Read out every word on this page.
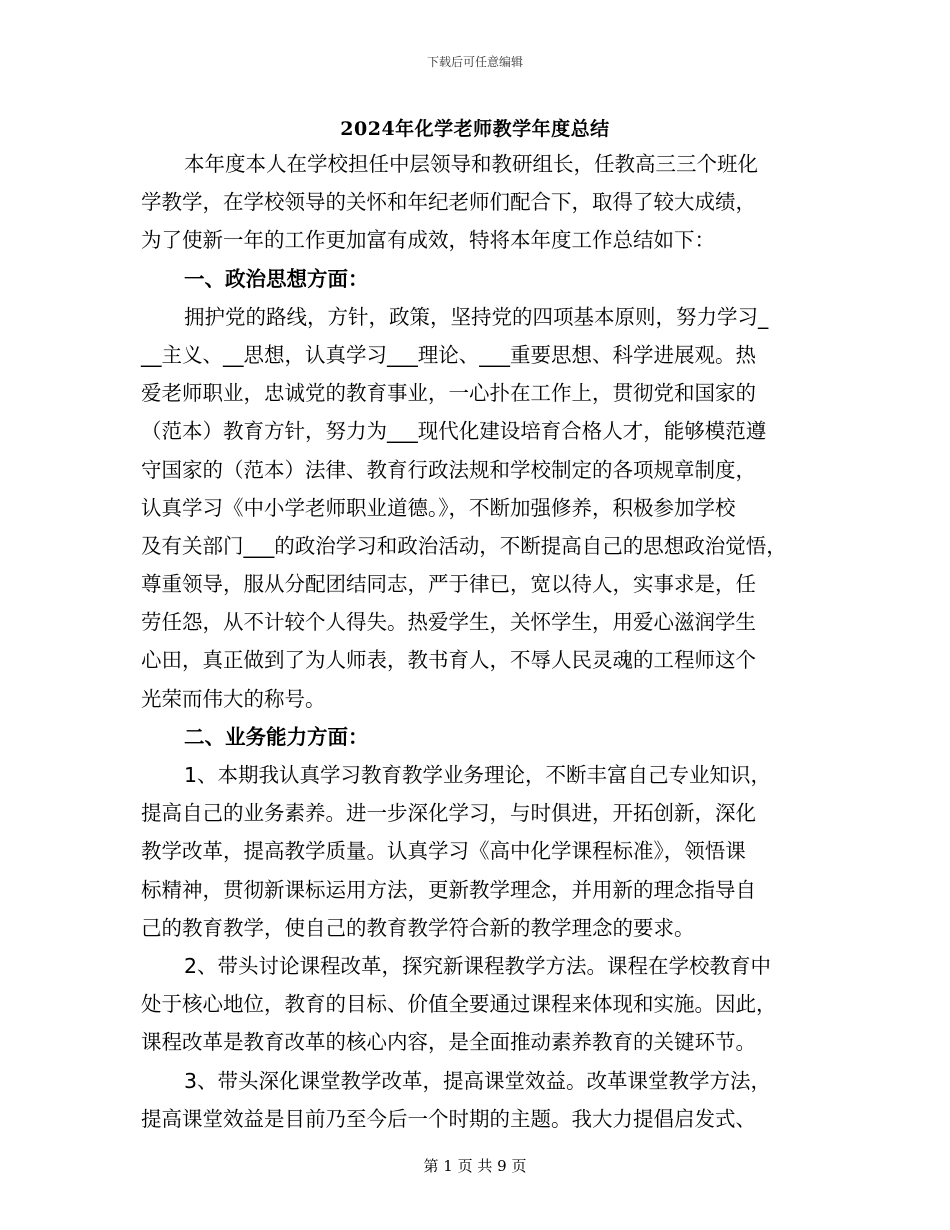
下载后可任意编辑
2024年化学老师教学年度总结
本年度本人在学校担任中层领导和教研组长，任教高三三个班化
学教学，在学校领导的关怀和年纪老师们配合下，取得了较大成绩，
为了使新一年的工作更加富有成效，特将本年度工作总结如下：
一、政治思想方面：
拥护党的路线，方针，政策，坚持党的四项基本原则，努力学习_
__主义、__思想，认真学习___理论、___重要思想、科学进展观。热
爱老师职业，忠诚党的教育事业，一心扑在工作上，贯彻党和国家的
（范本）教育方针，努力为___现代化建设培育合格人才，能够模范遵
守国家的（范本）法律、教育行政法规和学校制定的各项规章制度，
认真学习《中小学老师职业道德。》，不断加强修养，积极参加学校
及有关部门___的政治学习和政治活动，不断提高自己的思想政治觉悟，
尊重领导，服从分配团结同志，严于律已，宽以待人，实事求是，任
劳任怨，从不计较个人得失。热爱学生，关怀学生，用爱心滋润学生
心田，真正做到了为人师表，教书育人，不辱人民灵魂的工程师这个
光荣而伟大的称号。
二、业务能力方面：
1、本期我认真学习教育教学业务理论，不断丰富自己专业知识，
提高自己的业务素养。进一步深化学习，与时俱进，开拓创新，深化
教学改革，提高教学质量。认真学习《高中化学课程标准》，领悟课
标精神，贯彻新课标运用方法，更新教学理念，并用新的理念指导自
己的教育教学，使自己的教育教学符合新的教学理念的要求。
2、带头讨论课程改革，探究新课程教学方法。课程在学校教育中
处于核心地位，教育的目标、价值全要通过课程来体现和实施。因此，
课程改革是教育改革的核心内容，是全面推动素养教育的关键环节。
3、带头深化课堂教学改革，提高课堂效益。改革课堂教学方法，
提高课堂效益是目前乃至今后一个时期的主题。我大力提倡启发式、
第 1 页 共 9 页
